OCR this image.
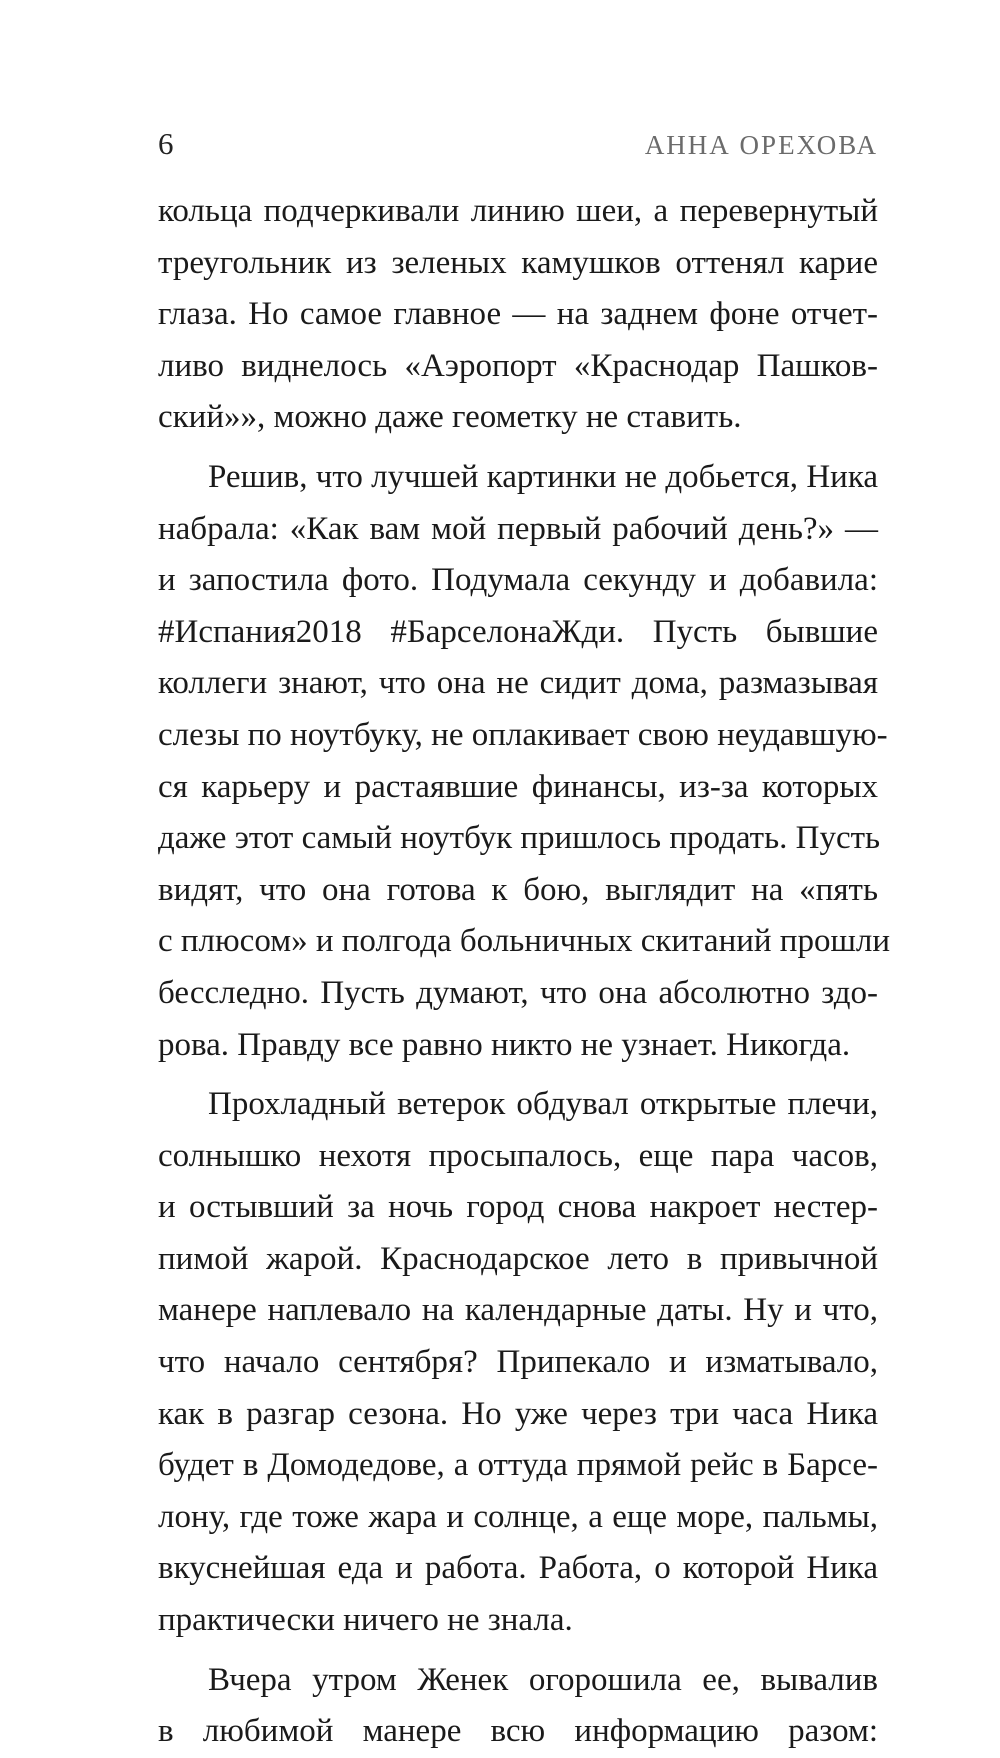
6	АННА ОРЕХОВА
кольца подчеркивали линию шеи, а перевернутый
треугольник из зеленых камушков оттенял карие
глаза. Но самое главное — на заднем фоне отчет-
ливо виднелось «Аэропорт «Краснодар Пашков-
ский»», можно даже геометку не ставить.
Решив, что лучшей картинки не добьется, Ника
набрала: «Как вам мой первый рабочий день?» —
и запостила фото. Подумала секунду и добавила:
#Испания2018 #БарселонаЖди. Пусть бывшие
коллеги знают, что она не сидит дома, размазывая
слезы по ноутбуку, не оплакивает свою неудавшую-
ся карьеру и растаявшие финансы, из-за которых
даже этот самый ноутбук пришлось продать. Пусть
видят, что она готова к бою, выглядит на «пять
с плюсом» и полгода больничных скитаний прошли
бесследно. Пусть думают, что она абсолютно здо-
рова. Правду все равно никто не узнает. Никогда.
Прохладный ветерок обдувал открытые плечи,
солнышко нехотя просыпалось, еще пара часов,
и остывший за ночь город снова накроет нестер-
пимой жарой. Краснодарское лето в привычной
манере наплевало на календарные даты. Ну и что,
что начало сентября? Припекало и изматывало,
как в разгар сезона. Но уже через три часа Ника
будет в Домодедове, а оттуда прямой рейс в Барсе-
лону, где тоже жара и солнце, а еще море, пальмы,
вкуснейшая еда и работа. Работа, о которой Ника
практически ничего не знала.
Вчера утром Женек огорошила ее, вывалив
в любимой манере всю информацию разом:
